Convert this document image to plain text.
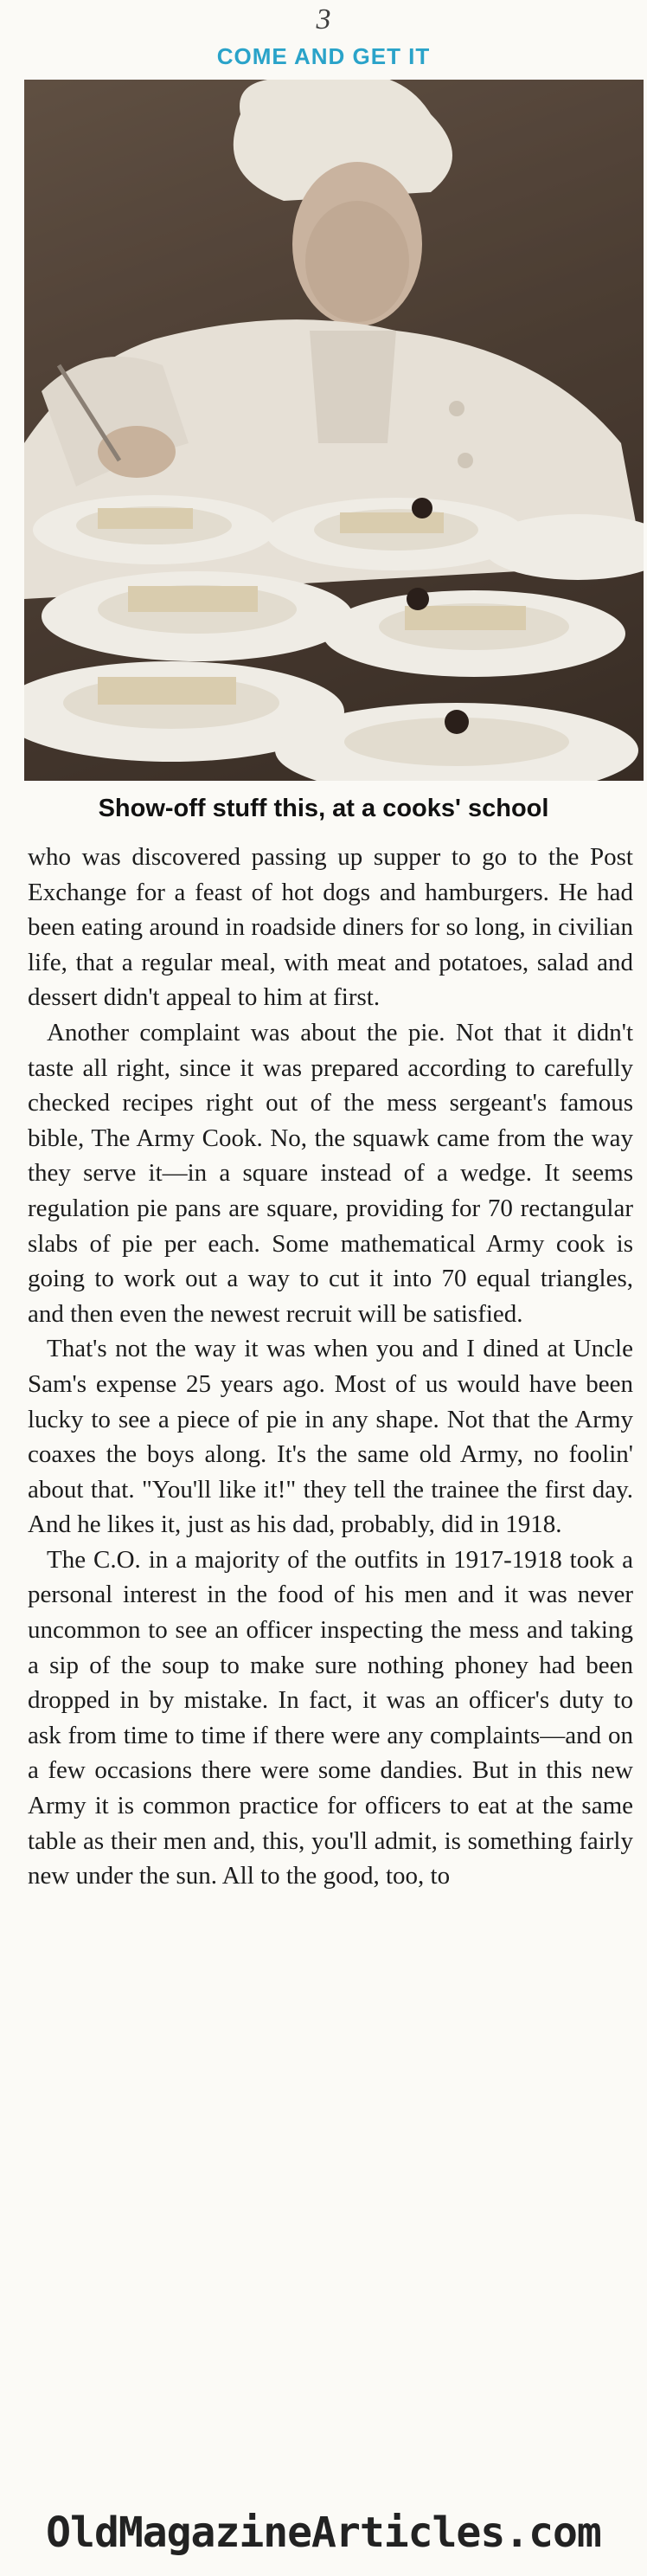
3
COME AND GET IT
Show-off stuff this, at a cooks' school

who was discovered passing up supper to go to the Post Exchange for a feast of hot dogs and hamburgers. He had been eating around in roadside diners for so long, in civilian life, that a regular meal, with meat and potatoes, salad and dessert didn't appeal to him at first.

Another complaint was about the pie. Not that it didn't taste all right, since it was prepared according to carefully checked recipes right out of the mess sergeant's famous bible, The Army Cook. No, the squawk came from the way they serve it—in a square instead of a wedge. It seems regulation pie pans are square, providing for 70 rectangular slabs of pie per each. Some mathematical Army cook is going to work out a way to cut it into 70 equal triangles, and then even the newest recruit will be satisfied.

That's not the way it was when you and I dined at Uncle Sam's expense 25 years ago. Most of us would have been lucky to see a piece of pie in any shape. Not that the Army coaxes the boys along. It's the same old Army, no foolin' about that. "You'll like it!" they tell the trainee the first day. And he likes it, just as his dad, probably, did in 1918.

The C.O. in a majority of the outfits in 1917-1918 took a personal interest in the food of his men and it was never uncommon to see an officer inspecting the mess and taking a sip of the soup to make sure nothing phoney had been dropped in by mistake. In fact, it was an officer's duty to ask from time to time if there were any complaints—and on a few occasions there were some dandies. But in this new Army it is common practice for officers to eat at the same table as their men and, this, you'll admit, is something fairly new under the sun. All to the good, too, to

OldMagazineArticles.com
